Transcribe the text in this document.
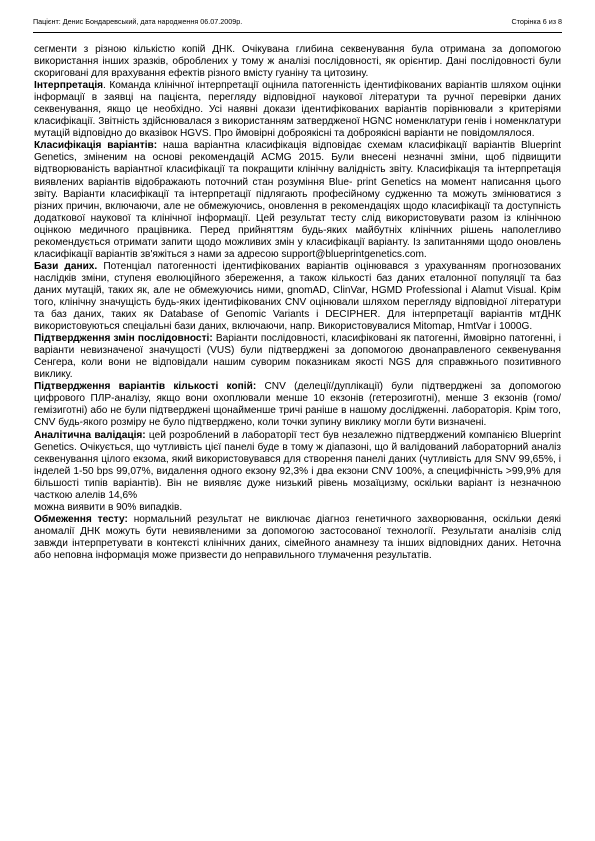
Пацієнт: Денис Бондаревський, дата народження 06.07.2009р.	Сторінка 6 из 8

сегменти з різною кількістю копій ДНК. Очікувана глибина секвенування була отримана за допомогою використання інших зразків, оброблених у тому ж аналізі послідовності, як орієнтир. Дані послідовності були скориговані для врахування ефектів різного вмісту гуаніну та цитозину.

Інтерпретація. Команда клінічної інтерпретації оцінила патогенність ідентифікованих варіантів шляхом оцінки інформації в заявці на пацієнта, перегляду відповідної наукової літератури та ручної перевірки даних секвенування, якщо це необхідно. Усі наявні докази ідентифікованих варіантів порівнювали з критеріями класифікації. Звітність здійснювалася з використанням затвердженої HGNC номенклатури генів і номенклатури мутацій відповідно до вказівок HGVS. Про ймовірні доброякісні та доброякісні варіанти не повідомлялося.

Класифікація варіантів: наша варіантна класифікація відповідає схемам класифікації варіантів Blueprint Genetics, зміненим на основі рекомендацій ACMG 2015. Були внесені незначні зміни, щоб підвищити відтворюваність варіантної класифікації та покращити клінічну валідність звіту. Класифікація та інтерпретація виявлених варіантів відображають поточний стан розуміння Blue- print Genetics на момент написання цього звіту. Варіанти класифікації та інтерпретації підлягають професійному судженню та можуть змінюватися з різних причин, включаючи, але не обмежуючись, оновлення в рекомендаціях щодо класифікації та доступність додаткової наукової та клінічної інформації. Цей результат тесту слід використовувати разом із клінічною оцінкою медичного працівника. Перед прийняттям будь-яких майбутніх клінічних рішень наполегливо рекомендується отримати запити щодо можливих змін у класифікації варіанту. Із запитаннями щодо оновлень класифікації варіантів зв'яжіться з нами за адресою support@blueprintgenetics.com.

Бази даних. Потенціал патогенності ідентифікованих варіантів оцінювався з урахуванням прогнозованих наслідків зміни, ступеня еволюційного збереження, а також кількості баз даних еталонної популяції та баз даних мутацій, таких як, але не обмежуючись ними, gnomAD, ClinVar, HGMD Professional і Alamut Visual. Крім того, клінічну значущість будь-яких ідентифікованих CNV оцінювали шляхом перегляду відповідної літератури та баз даних, таких як Database of Genomic Variants і DECIPHER. Для інтерпретації варіантів мтДНК використовуються спеціальні бази даних, включаючи, напр. Використовувалися Mitomap, HmtVar і 1000G.

Підтвердження змін послідовності: Варіанти послідовності, класифіковані як патогенні, ймовірно патогенні, і варіанти невизначеної значущості (VUS) були підтверджені за допомогою двонаправленого секвенування Сенгера, коли вони не відповідали нашим суворим показникам якості NGS для справжнього позитивного виклику.

Підтвердження варіантів кількості копій: CNV (делеції/дуплікації) були підтверджені за допомогою цифрового ПЛР-аналізу, якщо вони охоплювали менше 10 екзонів (гетерозиготні), менше 3 екзонів (гомо/гемізиготні) або не були підтверджені щонайменше тричі раніше в нашому дослідженні. лабораторія. Крім того, CNV будь-якого розміру не було підтверджено, коли точки зупину виклику могли бути визначені.

Аналітична валідація: цей розроблений в лабораторії тест був незалежно підтверджений компанією Blueprint Genetics. Очікується, що чутливість цієї панелі буде в тому ж діапазоні, що й валідований лабораторний аналіз секвенування цілого екзома, який використовувався для створення панелі даних (чутливість для SNV 99,65%, і інделей 1-50 bps 99,07%, видалення одного екзону 92,3% і два екзони CNV 100%, а специфічність >99,9% для більшості типів варіантів). Він не виявляє дуже низький рівень мозаїцизму, оскільки варіант із незначною часткою алелів 14,6%
можна виявити в 90% випадків.

Обмеження тесту: нормальний результат не виключає діагноз генетичного захворювання, оскільки деякі аномалії ДНК можуть бути невиявленими за допомогою застосованої технології. Результати аналізів слід завжди інтерпретувати в контексті клінічних даних, сімейного анамнезу та інших відповідних даних. Неточна або неповна інформація може призвести до неправильного тлумачення результатів.
